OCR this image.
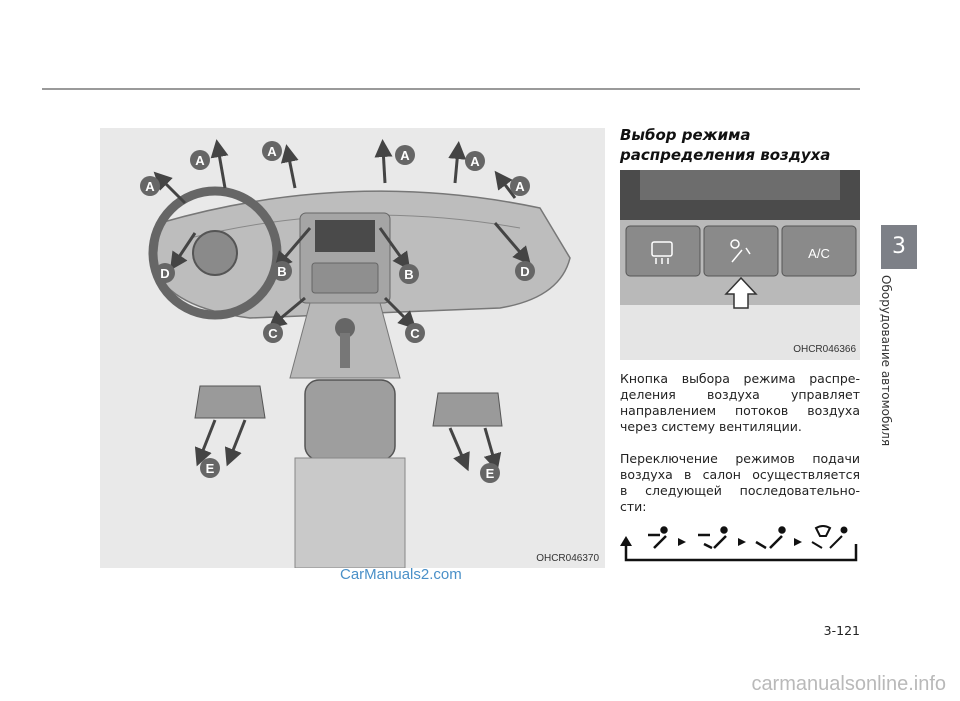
A
A	A	A
A	A
B	B
C	C
D	D
E	E
OHCR046370
CarManuals2.com
Выбор режима
распределения воздуха
A/C
OHCR046366
Кнопка выбора режима распре-
деления воздуха управляет
направлением потоков воздуха
через систему вентиляции.
Переключение режимов подачи
воздуха в салон осуществляется
в следующей последовательно-
сти:
3
Оборудование автомобиля
3-121
carmanualsonline.info
